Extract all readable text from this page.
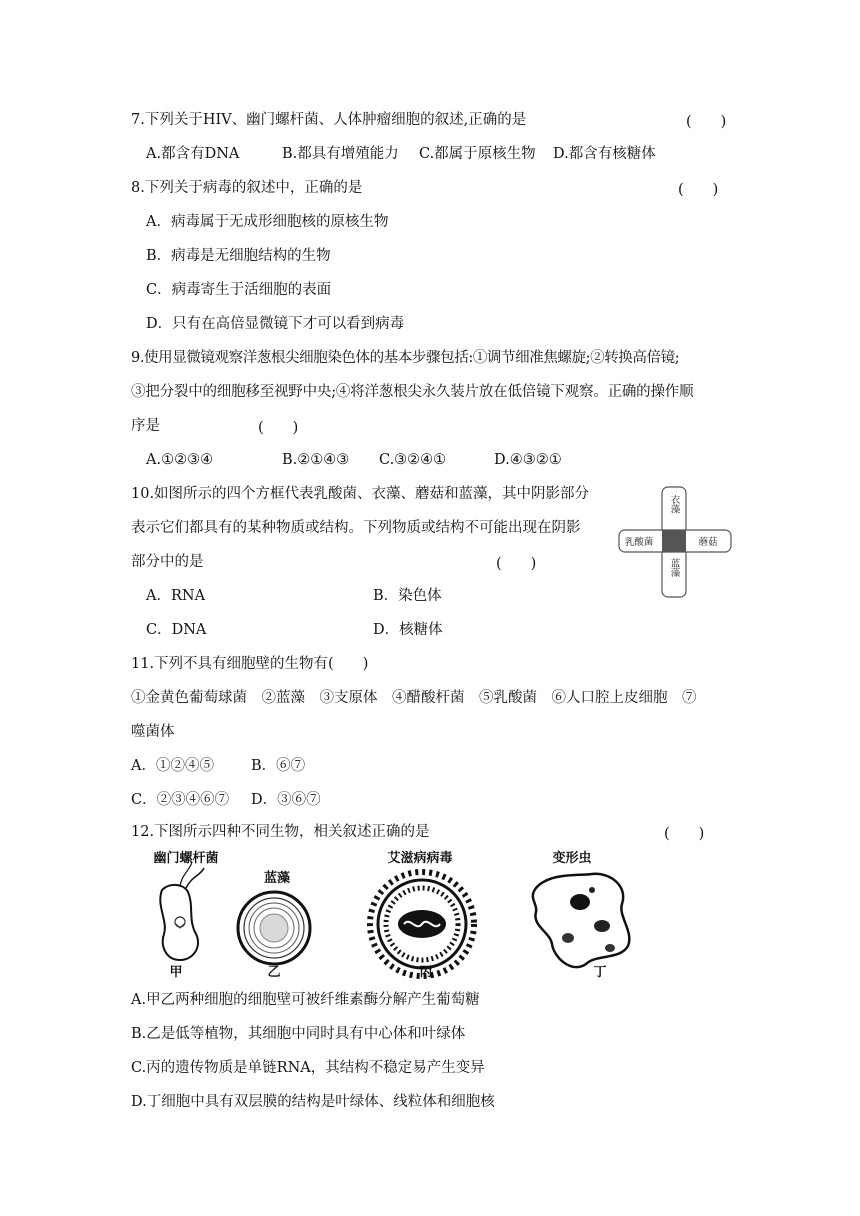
7.下列关于HIV、幽门螺杆菌、人体肿瘤细胞的叙述,正确的是	(　　)
A.都含有DNA	B.都具有增殖能力 C.都属于原核生物 D.都含有核糖体
8.下列关于病毒的叙述中，正确的是	(　　)
A．病毒属于无成形细胞核的原核生物
B．病毒是无细胞结构的生物
C．病毒寄生于活细胞的表面
D．只有在高倍显微镜下才可以看到病毒
9.使用显微镜观察洋葱根尖细胞染色体的基本步骤包括:①调节细准焦螺旋;②转换高倍镜;
③把分裂中的细胞移至视野中央;④将洋葱根尖永久装片放在低倍镜下观察。正确的操作顺
序是	(　　)
A.①②③④	B.②①④③ C.③②④①	D.④③②①
10.如图所示的四个方框代表乳酸菌、衣藻、蘑菇和蓝藻，其中阴影部分
表示它们都具有的某种物质或结构。下列物质或结构不可能出现在阴影
部分中的是	(　　)
A．RNA	B．染色体
C．DNA	D．核糖体
衣藻
乳酸菌	蘑菇
蓝藻
11.下列不具有细胞壁的生物有(　　)
①金黄色葡萄球菌　②蓝藻　③支原体　④醋酸杆菌　⑤乳酸菌　⑥人口腔上皮细胞　⑦
噬菌体
A．①②④⑤	B．⑥⑦
C．②③④⑥⑦ D．③⑥⑦
12.下图所示四种不同生物，相关叙述正确的是	(　　)
幽门螺杆菌
蓝藻
艾滋病病毒	变形虫
甲	乙	丙	丁
A.甲乙两种细胞的细胞壁可被纤维素酶分解产生葡萄糖
B.乙是低等植物，其细胞中同时具有中心体和叶绿体
C.丙的遗传物质是单链RNA，其结构不稳定易产生变异
D.丁细胞中具有双层膜的结构是叶绿体、线粒体和细胞核
